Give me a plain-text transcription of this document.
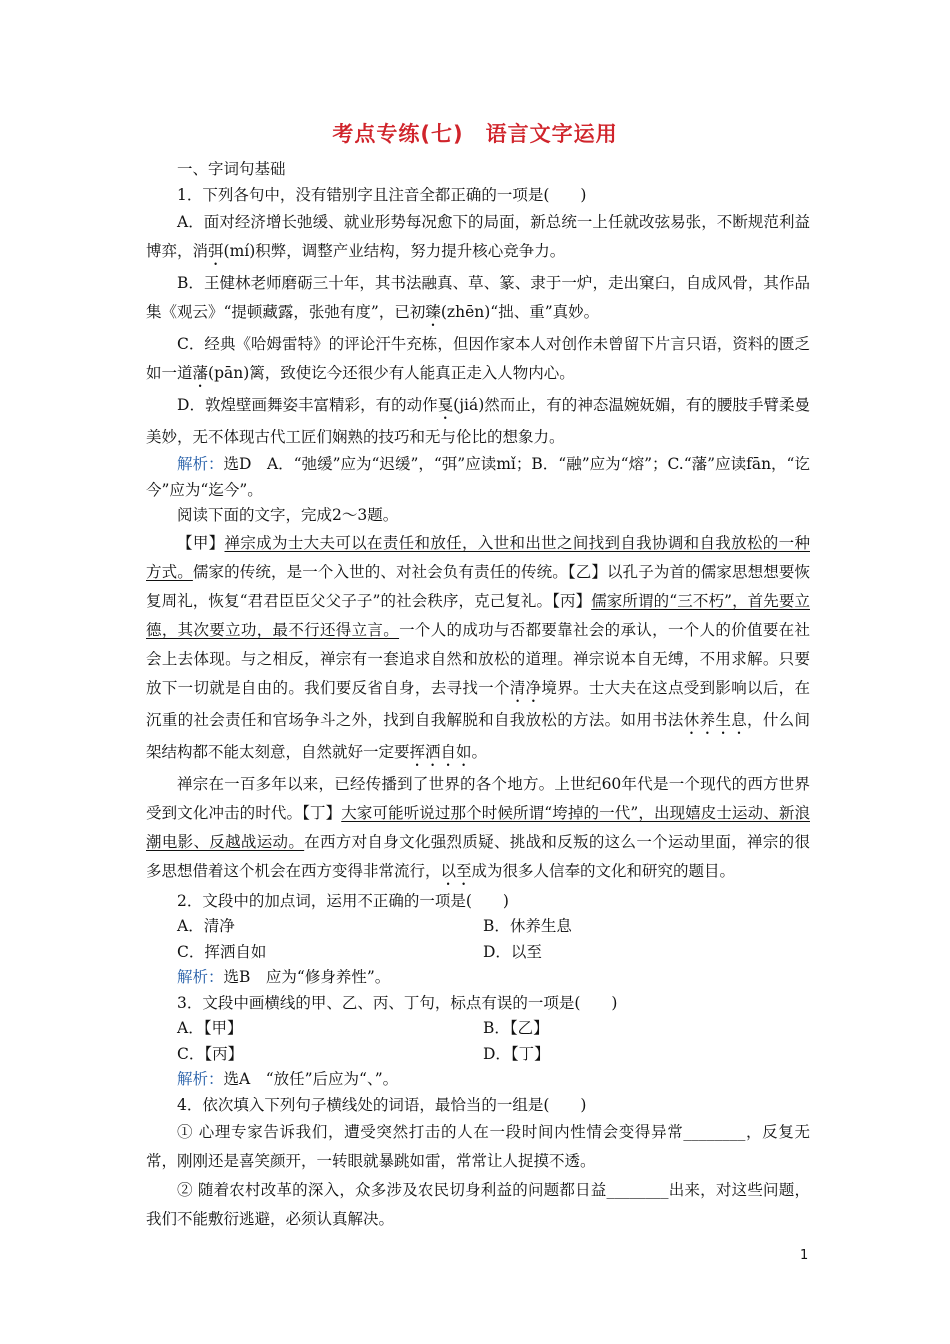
考点专练(七) 语言文字运用

一、字词句基础

1．下列各句中，没有错别字且注音全都正确的一项是(　　)

A．面对经济增长弛缓、就业形势每况愈下的局面，新总统一上任就改弦易张，不断规范利益博弈，消弭(mí)积弊，调整产业结构，努力提升核心竞争力。

B．王健林老师磨砺三十年，其书法融真、草、篆、隶于一炉，走出窠臼，自成风骨，其作品集《观云》“提顿藏露，张弛有度”，已初臻(zhēn)“拙、重”真妙。

C．经典《哈姆雷特》的评论汗牛充栋，但因作家本人对创作未曾留下片言只语，资料的匮乏如一道藩(pān)篱，致使讫今还很少有人能真正走入人物内心。

D．敦煌壁画舞姿丰富精彩，有的动作戛(jiá)然而止，有的神态温婉妩媚，有的腰肢手臂柔曼美妙，无不体现古代工匠们娴熟的技巧和无与伦比的想象力。

解析：选D　A．“弛缓”应为“迟缓”，“弭”应读mǐ；B．“融”应为“熔”；C.“藩”应读fān，“讫今”应为“迄今”。

阅读下面的文字，完成2～3题。

【甲】禅宗成为士大夫可以在责任和放任，入世和出世之间找到自我协调和自我放松的一种方式。儒家的传统，是一个入世的、对社会负有责任的传统。【乙】以孔子为首的儒家思想想要恢复周礼，恢复“君君臣臣父父子子”的社会秩序，克己复礼。【丙】儒家所谓的“三不朽”，首先要立德，其次要立功，最不行还得立言。一个人的成功与否都要靠社会的承认，一个人的价值要在社会上去体现。与之相反，禅宗有一套追求自然和放松的道理。禅宗说本自无缚，不用求解。只要放下一切就是自由的。我们要反省自身，去寻找一个清净境界。士大夫在这点受到影响以后，在沉重的社会责任和官场争斗之外，找到自我解脱和自我放松的方法。如用书法休养生息，什么间架结构都不能太刻意，自然就好一定要挥洒自如。

禅宗在一百多年以来，已经传播到了世界的各个地方。上世纪60年代是一个现代的西方世界受到文化冲击的时代。【丁】大家可能听说过那个时候所谓“垮掉的一代”，出现嬉皮士运动、新浪潮电影、反越战运动。在西方对自身文化强烈质疑、挑战和反叛的这么一个运动里面，禅宗的很多思想借着这个机会在西方变得非常流行，以至成为很多人信奉的文化和研究的题目。

2．文段中的加点词，运用不正确的一项是(　　)

A．清净	B．休养生息
C．挥洒自如	D．以至

解析：选B　应为“修身养性”。

3．文段中画横线的甲、乙、丙、丁句，标点有误的一项是(　　)

A．【甲】	B．【乙】
C．【丙】	D．【丁】

解析：选A　“放任”后应为“、”。

4．依次填入下列句子横线处的词语，最恰当的一组是(　　)

① 心理专家告诉我们，遭受突然打击的人在一段时间内性情会变得异常________，反复无常，刚刚还是喜笑颜开，一转眼就暴跳如雷，常常让人捉摸不透。

② 随着农村改革的深入，众多涉及农民切身利益的问题都日益________出来，对这些问题，我们不能敷衍逃避，必须认真解决。

1
